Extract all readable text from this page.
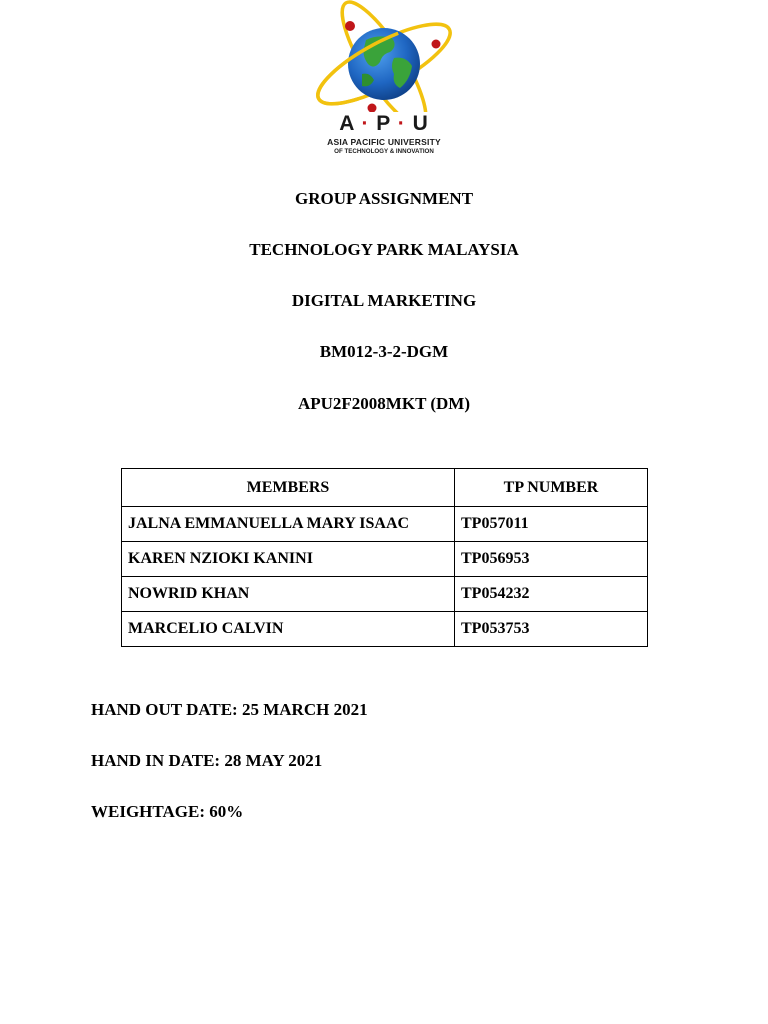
A · P · U
ASIA PACIFIC UNIVERSITY
OF TECHNOLOGY & INNOVATION
GROUP ASSIGNMENT
TECHNOLOGY PARK MALAYSIA
DIGITAL MARKETING
BM012-3-2-DGM
APU2F2008MKT (DM)
MEMBERS	TP NUMBER
JALNA EMMANUELLA MARY ISAAC	TP057011
KAREN NZIOKI KANINI	TP056953
NOWRID KHAN	TP054232
MARCELIO CALVIN	TP053753
HAND OUT DATE: 25 MARCH 2021
HAND IN DATE: 28 MAY 2021
WEIGHTAGE: 60%
